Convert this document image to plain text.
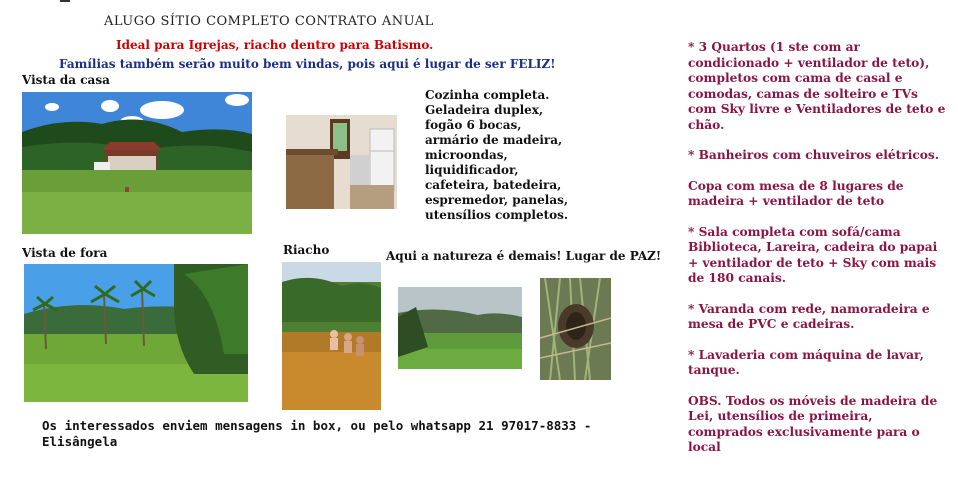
ALUGO SÍTIO COMPLETO CONTRATO ANUAL
Ideal para Igrejas, riacho dentro para Batismo.
Famílias também serão muito bem vindas, pois aqui é lugar de ser FELIZ!
Vista da casa
Cozinha completa.
Geladeira duplex,
fogão 6 bocas,
armário de madeira,
microondas,
liquidificador,
cafeteira, batedeira,
espremedor, panelas,
utensílios completos.
Vista de fora	Riacho	Aqui a natureza é demais! Lugar de PAZ!

* 3 Quartos (1 ste com ar condicionado + ventilador de teto), completos com cama de casal e comodas, camas de solteiro e TVs com Sky livre e Ventiladores de teto e chão.

* Banheiros com chuveiros elétricos.

Copa com mesa de 8 lugares de madeira + ventilador de teto

* Sala completa com sofá/cama Biblioteca, Lareira, cadeira do papai + ventilador de teto + Sky com mais de 180 canais.

* Varanda com rede, namoradeira e mesa de PVC e cadeiras.

* Lavaderia com máquina de lavar, tanque.

OBS. Todos os móveis de madeira de Lei, utensílios de primeira, comprados exclusivamente para o local

Os interessados enviem mensagens in box, ou pelo whatsapp 21 97017-8833 - Elisângela
